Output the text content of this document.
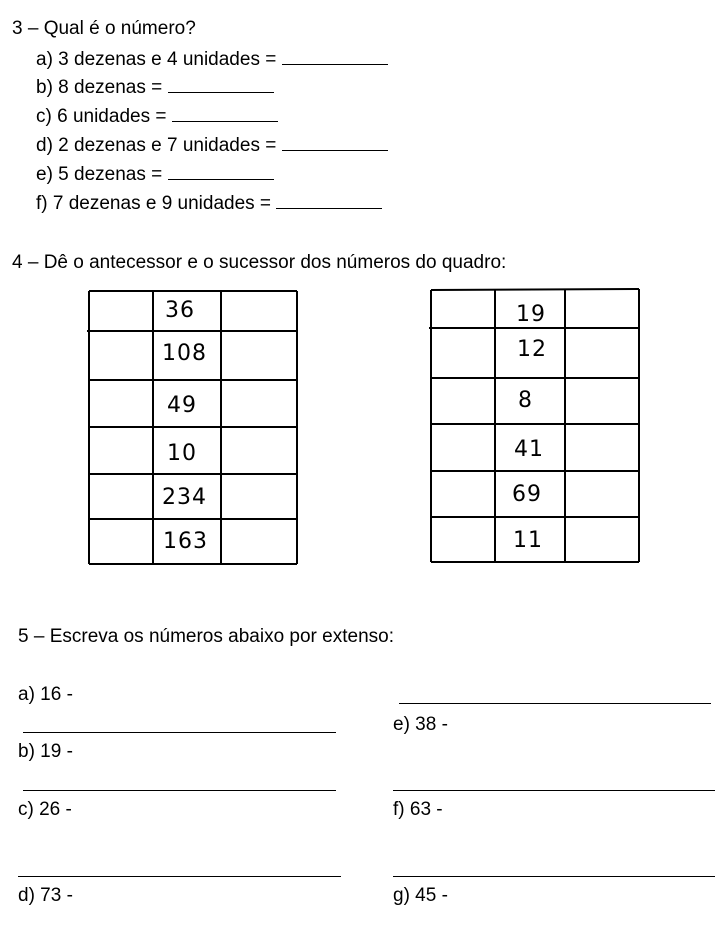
3 – Qual é o número?
a) 3 dezenas e 4 unidades =
b) 8 dezenas =
c) 6 unidades =
d) 2 dezenas e 7 unidades =
e) 5 dezenas =
f) 7 dezenas e 9 unidades =
4 – Dê o antecessor e o sucessor dos números do quadro:
36
108
49
10
234
163
19
12
8
41
69
11
5 – Escreva os números abaixo por extenso:
a) 16 -
b) 19 -
c) 26 -
d) 73 -
e) 38 -
f) 63 -
g) 45 -
